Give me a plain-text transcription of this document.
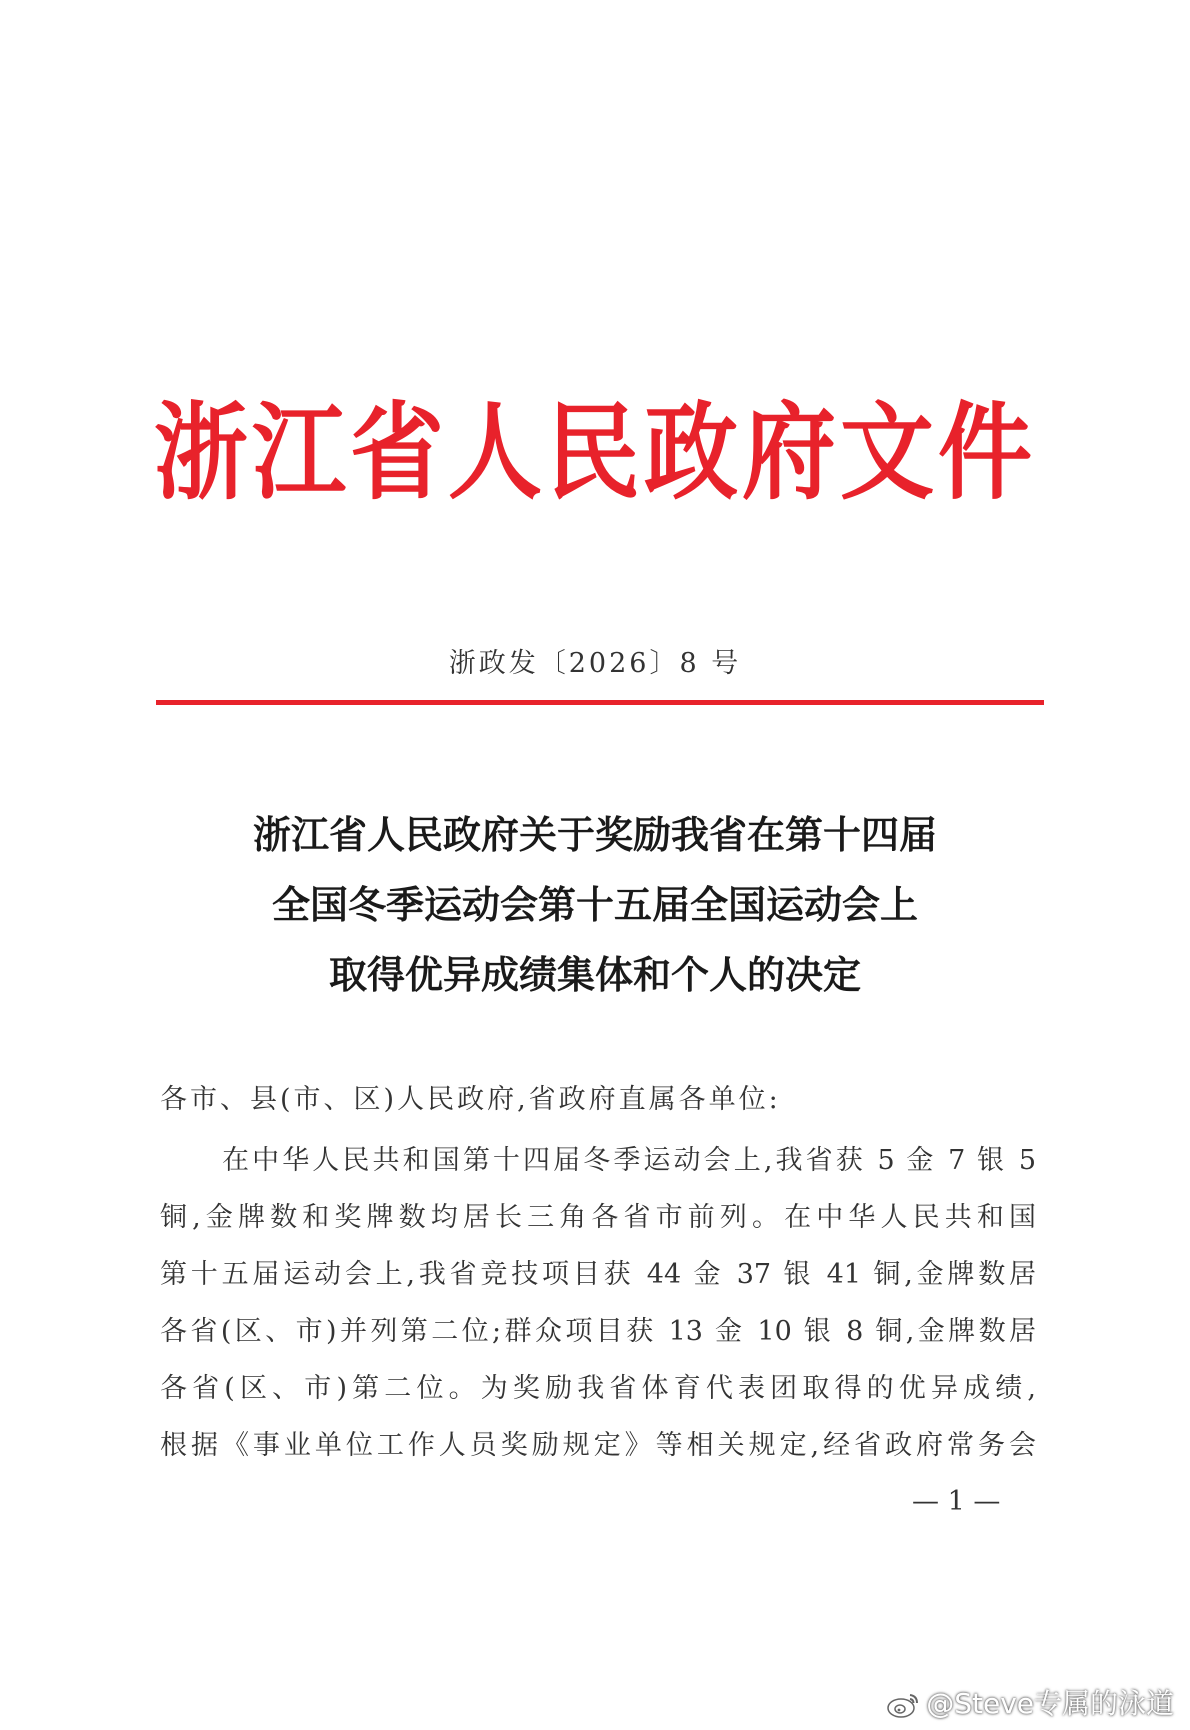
浙江省人民政府文件
浙政发〔2026〕8 号
浙江省人民政府关于奖励我省在第十四届
全国冬季运动会第十五届全国运动会上
取得优异成绩集体和个人的决定
各市、县(市、区)人民政府,省政府直属各单位:
在中华人民共和国第十四届冬季运动会上,我省获 5 金 7 银 5
铜,金牌数和奖牌数均居长三角各省市前列。在中华人民共和国
第十五届运动会上,我省竞技项目获 44 金 37 银 41 铜,金牌数居
各省(区、市)并列第二位;群众项目获 13 金 10 银 8 铜,金牌数居
各省(区、市)第二位。为奖励我省体育代表团取得的优异成绩,
根据《事业单位工作人员奖励规定》等相关规定,经省政府常务会
— 1 —
@Steve专属的泳道
